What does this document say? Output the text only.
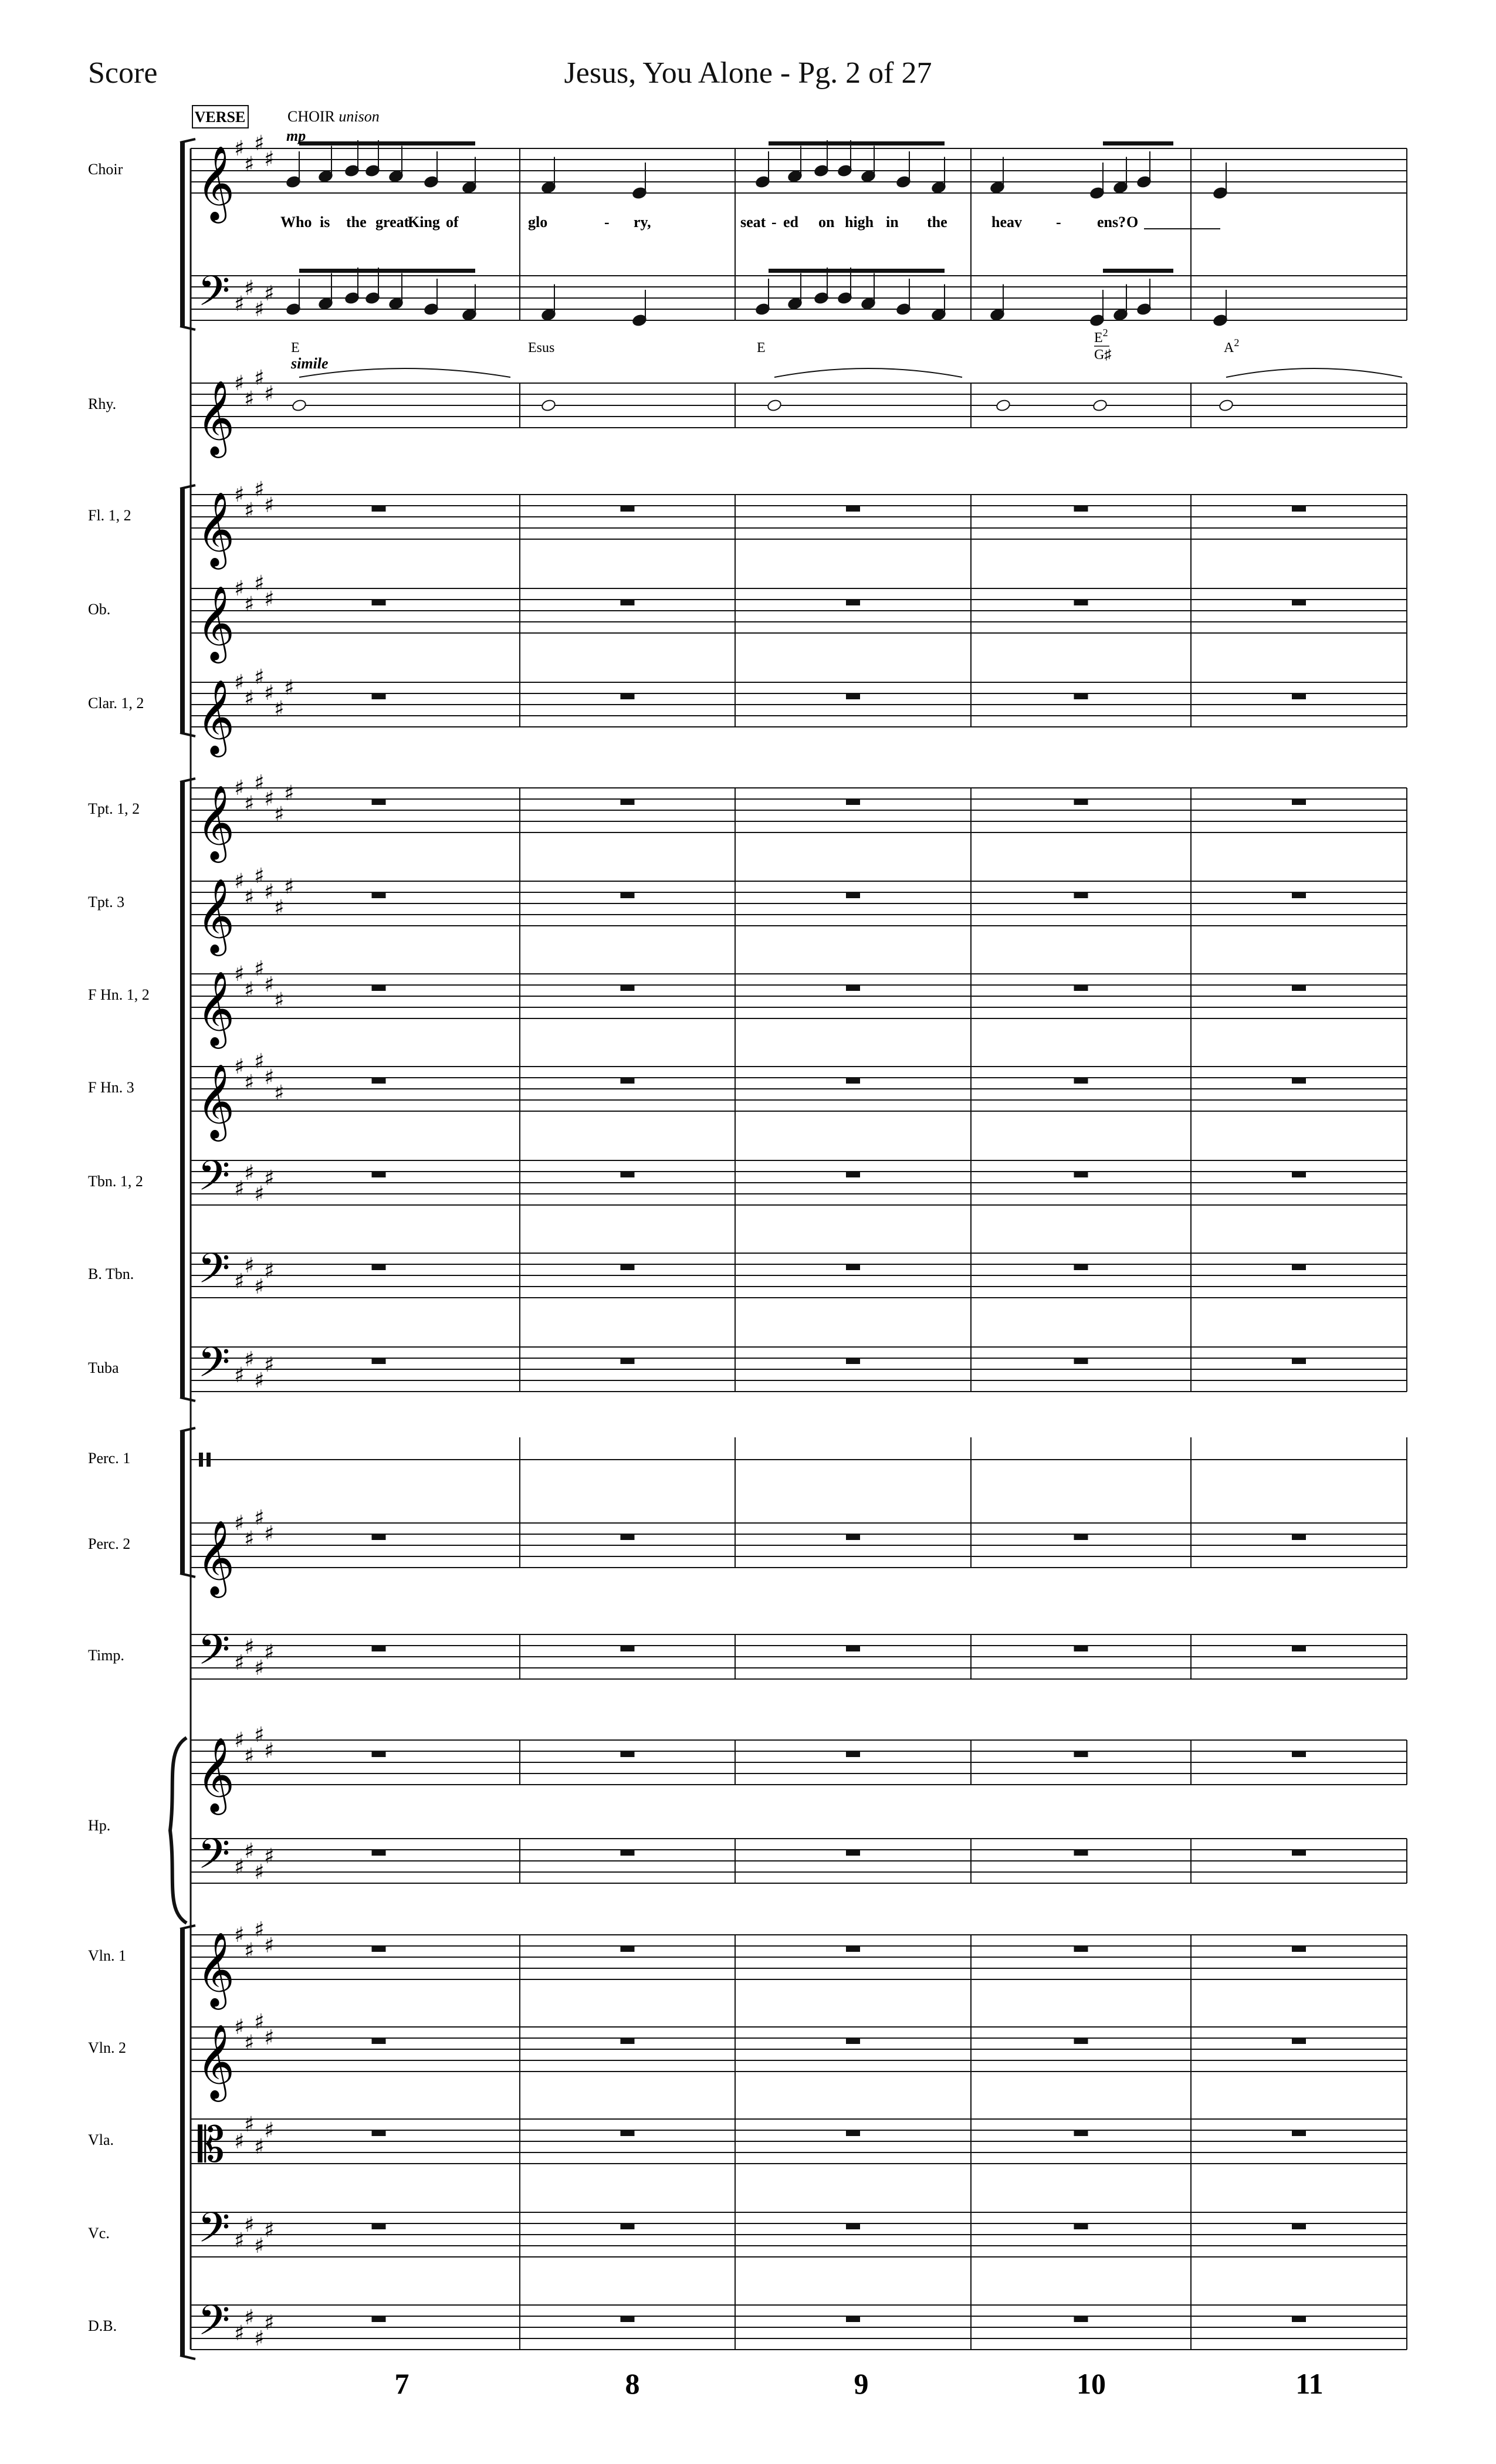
Score	Jesus, You Alone - Pg. 2 of 27
𝄞
♯
♯
♯
♯
𝄢 ♯
♯
♯
♯
𝄞
♯
♯
♯
♯
𝄞
♯
♯
♯
♯
𝄞
♯
♯
♯
♯
𝄞
♯
♯
♯
♯
♯
♯
𝄞
♯
♯
♯
♯
♯
♯
𝄞
♯
♯
♯
♯
♯
♯
𝄞
♯
♯
♯
♯
♯
𝄞
♯
♯
♯
♯
♯
𝄢 ♯
♯
♯
♯
𝄢 ♯
♯
♯
♯
𝄢 ♯
♯
♯
♯
𝄞
♯
♯
♯
♯
𝄢 ♯
♯
♯
♯
𝄞
♯
♯
♯
♯
𝄢 ♯
♯
♯
♯
𝄞
♯
♯
♯
♯
𝄞
♯
♯
♯
♯
𝄡 ♯
♯
♯
♯
𝄢 ♯
♯
♯
♯
𝄢 ♯
♯
♯
♯
Choir
Rhy.
Fl. 1, 2
Ob.
Clar. 1, 2
Tpt. 1, 2
Tpt. 3
F Hn. 1, 2
F Hn. 3
Tbn. 1, 2
B. Tbn.
Tuba
Perc. 1
Perc. 2
Timp.
Hp.
Vln. 1
Vln. 2
Vla.
Vc.
D.B.
VERSE	CHOIR unison
mp
simile
Who is the great
King of	glo	- ry,	seat - ed on high in the	heav - ens? O
E	Esus	E
$E^2$
G♯	$A^2$
7	8	9	10	11
